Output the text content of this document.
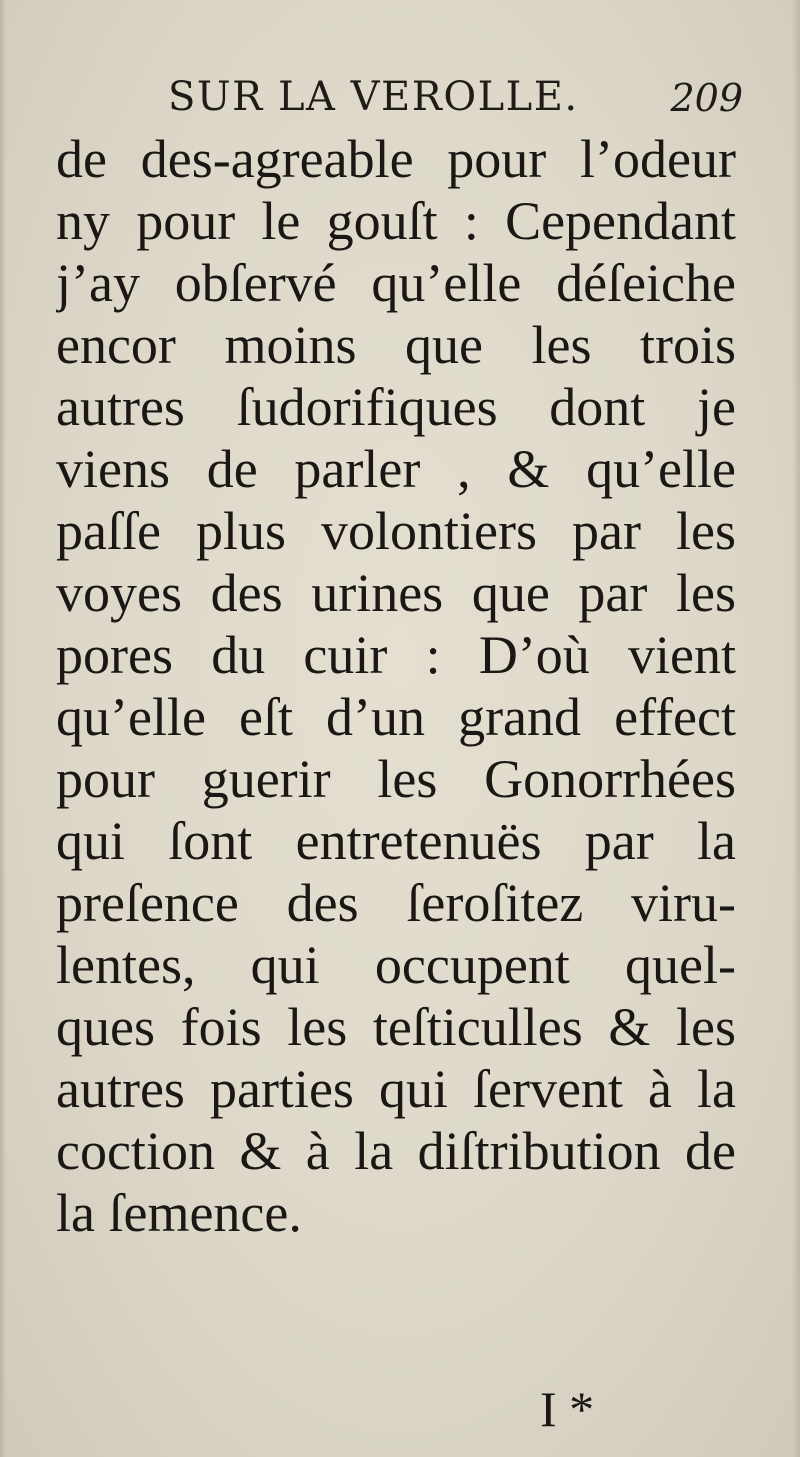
SUR LA VEROLLE. 209
de des-agreable pour l’odeur
ny pour le gouſt : Cependant
j’ay obſervé qu’elle déſeiche
encor moins que les trois
autres ſudorifiques dont je
viens de parler , & qu’elle
paſſe plus volontiers par les
voyes des urines que par les
pores du cuir : D’où vient
qu’elle eſt d’un grand effect
pour guerir les Gonorrhées
qui ſont entretenuës par la
preſence des ſeroſitez viru-
lentes, qui occupent quel-
ques fois les teſticulles & les
autres parties qui ſervent à la
coction & à la diſtribution de
la ſemence.
I *
